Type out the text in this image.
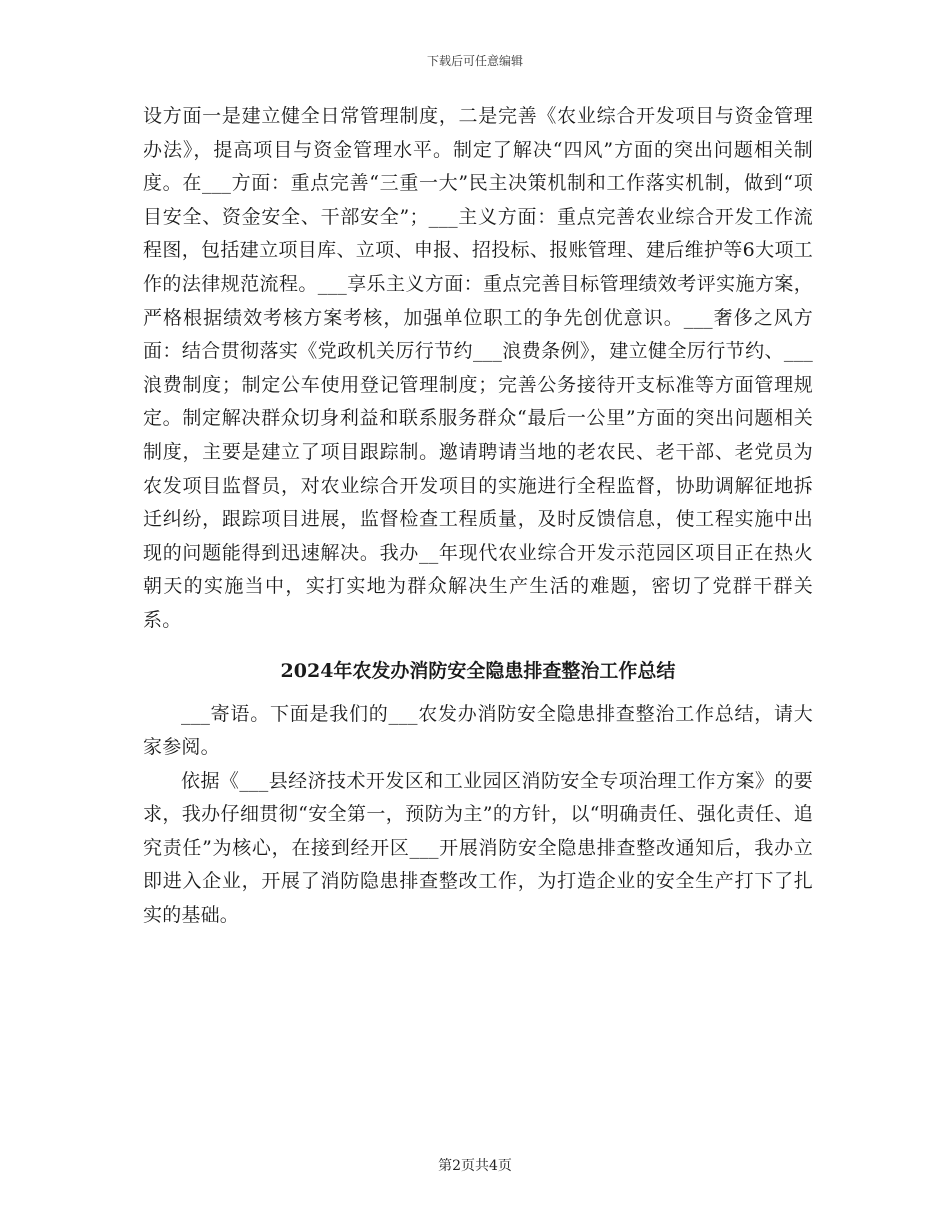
下载后可任意编辑

设方面一是建立健全日常管理制度，二是完善《农业综合开发项目与资金管理办法》，提高项目与资金管理水平。制定了解决“四风”方面的突出问题相关制度。在___方面：重点完善“三重一大”民主决策机制和工作落实机制，做到“项目安全、资金安全、干部安全”；___主义方面：重点完善农业综合开发工作流程图，包括建立项目库、立项、申报、招投标、报账管理、建后维护等6大项工作的法律规范流程。___享乐主义方面：重点完善目标管理绩效考评实施方案，严格根据绩效考核方案考核，加强单位职工的争先创优意识。___奢侈之风方面：结合贯彻落实《党政机关厉行节约___浪费条例》，建立健全厉行节约、___浪费制度；制定公车使用登记管理制度；完善公务接待开支标准等方面管理规定。制定解决群众切身利益和联系服务群众“最后一公里”方面的突出问题相关制度，主要是建立了项目跟踪制。邀请聘请当地的老农民、老干部、老党员为农发项目监督员，对农业综合开发项目的实施进行全程监督，协助调解征地拆迁纠纷，跟踪项目进展，监督检查工程质量，及时反馈信息，使工程实施中出现的问题能得到迅速解决。我办__年现代农业综合开发示范园区项目正在热火朝天的实施当中，实打实地为群众解决生产生活的难题，密切了党群干群关系。

2024年农发办消防安全隐患排查整治工作总结

___寄语。下面是我们的___农发办消防安全隐患排查整治工作总结，请大家参阅。

依据《___县经济技术开发区和工业园区消防安全专项治理工作方案》的要求，我办仔细贯彻“安全第一，预防为主”的方针，以“明确责任、强化责任、追究责任”为核心，在接到经开区___开展消防安全隐患排查整改通知后，我办立即进入企业，开展了消防隐患排查整改工作，为打造企业的安全生产打下了扎实的基础。

第2页共4页
